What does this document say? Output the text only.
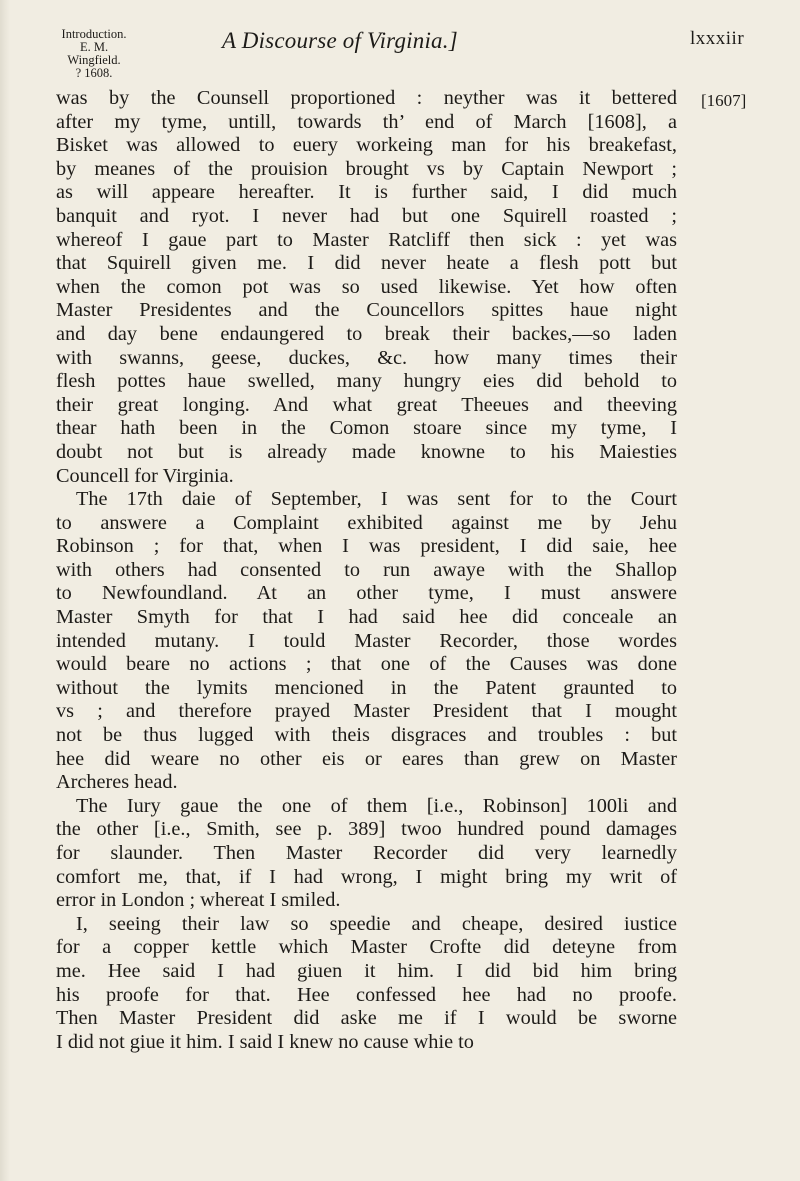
Introduction.
E. M. Wingfield.
? 1608.
A Discourse of Virginia.]	lxxxiir
[1607]
was by the Counsell proportioned : neyther was it bettered
after my tyme, untill, towards th’ end of March [1608], a
Bisket was allowed to euery workeing man for his breakefast,
by meanes of the prouision brought vs by Captain Newport ;
as will appeare hereafter. It is further said, I did much
banquit and ryot. I never had but one Squirell roasted ;
whereof I gaue part to Master Ratcliff then sick : yet was
that Squirell given me. I did never heate a flesh pott but
when the comon pot was so used likewise. Yet how often
Master Presidentes and the Councellors spittes haue night
and day bene endaungered to break their backes,—so laden
with swanns, geese, duckes, &c. how many times their
flesh pottes haue swelled, many hungry eies did behold to
their great longing. And what great Theeues and theeving
thear hath been in the Comon stoare since my tyme, I
doubt not but is already made knowne to his Maiesties
Councell for Virginia.
The 17th daie of September, I was sent for to the Court
to answere a Complaint exhibited against me by Jehu
Robinson ; for that, when I was president, I did saie, hee
with others had consented to run awaye with the Shallop
to Newfoundland. At an other tyme, I must answere
Master Smyth for that I had said hee did conceale an
intended mutany. I tould Master Recorder, those wordes
would beare no actions ; that one of the Causes was done
without the lymits mencioned in the Patent graunted to
vs ; and therefore prayed Master President that I mought
not be thus lugged with theis disgraces and troubles : but
hee did weare no other eis or eares than grew on Master
Archeres head.
The Iury gaue the one of them [i.e., Robinson] 100li and
the other [i.e., Smith, see p. 389] twoo hundred pound damages
for slaunder. Then Master Recorder did very learnedly
comfort me, that, if I had wrong, I might bring my writ of
error in London ; whereat I smiled.
I, seeing their law so speedie and cheape, desired iustice
for a copper kettle which Master Crofte did deteyne from
me. Hee said I had giuen it him. I did bid him bring
his proofe for that. Hee confessed hee had no proofe.
Then Master President did aske me if I would be sworne
I did not giue it him. I said I knew no cause whie to
